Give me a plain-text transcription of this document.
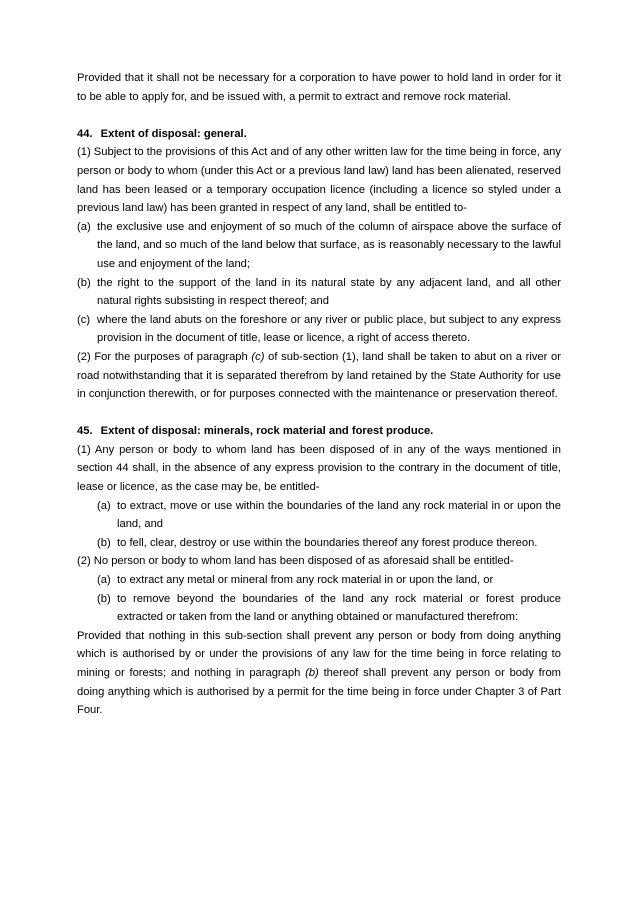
Provided that it shall not be necessary for a corporation to have power to hold land in order for it to be able to apply for, and be issued with, a permit to extract and remove rock material.

44. Extent of disposal: general.

(1) Subject to the provisions of this Act and of any other written law for the time being in force, any person or body to whom (under this Act or a previous land law) land has been alienated, reserved land has been leased or a temporary occupation licence (including a licence so styled under a previous land law) has been granted in respect of any land, shall be entitled to-

(a) the exclusive use and enjoyment of so much of the column of airspace above the surface of the land, and so much of the land below that surface, as is reasonably necessary to the lawful use and enjoyment of the land;
(b) the right to the support of the land in its natural state by any adjacent land, and all other natural rights subsisting in respect thereof; and
(c) where the land abuts on the foreshore or any river or public place, but subject to any express provision in the document of title, lease or licence, a right of access thereto.

(2) For the purposes of paragraph (c) of sub-section (1), land shall be taken to abut on a river or road notwithstanding that it is separated therefrom by land retained by the State Authority for use in conjunction therewith, or for purposes connected with the maintenance or preservation thereof.

45. Extent of disposal: minerals, rock material and forest produce.

(1) Any person or body to whom land has been disposed of in any of the ways mentioned in section 44 shall, in the absence of any express provision to the contrary in the document of title, lease or licence, as the case may be, be entitled-

(a) to extract, move or use within the boundaries of the land any rock material in or upon the land, and
(b) to fell, clear, destroy or use within the boundaries thereof any forest produce thereon.

(2) No person or body to whom land has been disposed of as aforesaid shall be entitled-

(a) to extract any metal or mineral from any rock material in or upon the land, or
(b) to remove beyond the boundaries of the land any rock material or forest produce extracted or taken from the land or anything obtained or manufactured therefrom:

Provided that nothing in this sub-section shall prevent any person or body from doing anything which is authorised by or under the provisions of any law for the time being in force relating to mining or forests; and nothing in paragraph (b) thereof shall prevent any person or body from doing anything which is authorised by a permit for the time being in force under Chapter 3 of Part Four.
